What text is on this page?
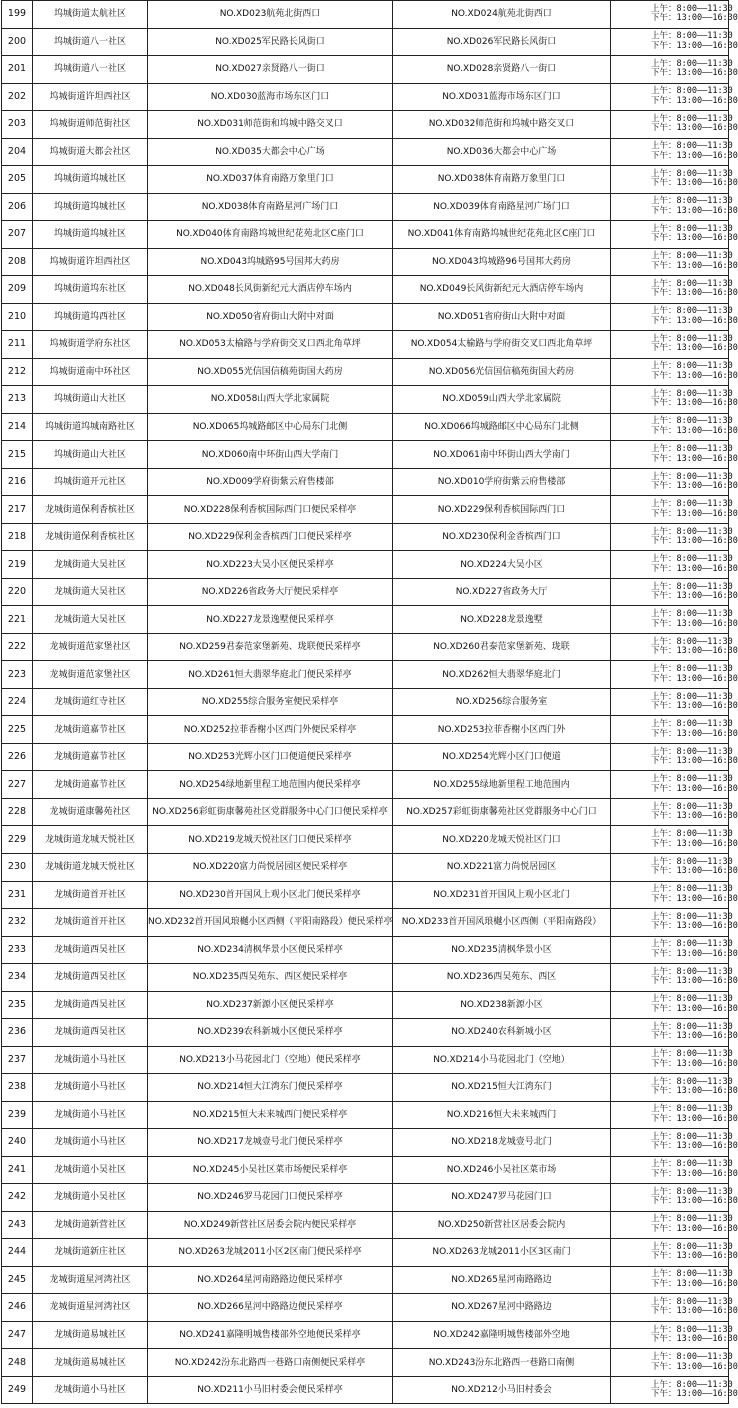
199	坞城街道太航社区	NO.XD023航苑北街西口	NO.XD024航苑北街西口	上午：8:00——11:30
下午：13:00——16:30

200	坞城街道八一社区	NO.XD025军民路长风街口	NO.XD026军民路长风街口	上午：8:00——11:30
下午：13:00——16:30

201	坞城街道八一社区	NO.XD027亲贤路八一街口	NO.XD028亲贤路八一街口	上午：8:00——11:30
下午：13:00——16:30

202	坞城街道许坦西社区	NO.XD030蓝海市场东区门口	NO.XD031蓝海市场东区门口	上午：8:00——11:30
下午：13:00——16:30

203	坞城街道师范街社区	NO.XD031师范街和坞城中路交叉口	NO.XD032师范街和坞城中路交叉口	上午：8:00——11:30
下午：13:00——16:30

204	坞城街道大都会社区	NO.XD035大都会中心广场	NO.XD036大都会中心广场	上午：8:00——11:30
下午：13:00——16:30

205	坞城街道坞城社区	NO.XD037体育南路万象里门口	NO.XD038体育南路万象里门口	上午：8:00——11:30
下午：13:00——16:30

206	坞城街道坞城社区	NO.XD038体育南路星河广场门口	NO.XD039体育南路星河广场门口	上午：8:00——11:30
下午：13:00——16:30

207	坞城街道坞城社区	NO.XD040体育南路坞城世纪花苑北区C座门口	NO.XD041体育南路坞城世纪花苑北区C座门口	上午：8:00——11:30
下午：13:00——16:30

208	坞城街道许坦西社区	NO.XD043坞城路95号国邦大药房	NO.XD043坞城路96号国邦大药房	上午：8:00——11:30
下午：13:00——16:30

209	坞城街道坞东社区	NO.XD048长风街新纪元大酒店停车场内	NO.XD049长风街新纪元大酒店停车场内	上午：8:00——11:30
下午：13:00——16:30

210	坞城街道坞西社区	NO.XD050省府街山大附中对面	NO.XD051省府街山大附中对面	上午：8:00——11:30
下午：13:00——16:30

211	坞城街道学府东社区	NO.XD053太榆路与学府街交叉口西北角草坪	NO.XD054太榆路与学府街交叉口西北角草坪	上午：8:00——11:30
下午：13:00——16:30

212	坞城街道南中环社区	NO.XD055光信国信稿苑街国大药房	NO.XD056光信国信稿苑街国大药房	上午：8:00——11:30
下午：13:00——16:30

213	坞城街道山大社区	NO.XD058山西大学北家属院	NO.XD059山西大学北家属院	上午：8:00——11:30
下午：13:00——16:30

214	坞城街道坞城南路社区	NO.XD065坞城路邮区中心局东门北侧	NO.XD066坞城路邮区中心局东门北侧	上午：8:00——11:30
下午：13:00——16:30

215	坞城街道山大社区	NO.XD060南中环街山西大学南门	NO.XD061南中环街山西大学南门	上午：8:00——11:30
下午：13:00——16:30

216	坞城街道开元社区	NO.XD009学府街紫云府售楼部	NO.XD010学府街紫云府售楼部	上午：8:00——11:30
下午：13:00——16:30

217	龙城街道保利香槟社区	NO.XD228保利香槟国际西门口便民采样亭	NO.XD229保利香槟国际西门口	上午：8:00——11:30
下午：13:00——16:30

218	龙城街道保利香槟社区	NO.XD229保利金香槟西门口便民采样亭	NO.XD230保利金香槟西门口	上午：8:00——11:30
下午：13:00——16:30

219	龙城街道大吴社区	NO.XD223大吴小区便民采样亭	NO.XD224大吴小区	上午：8:00——11:30
下午：13:00——16:30

220	龙城街道大吴社区	NO.XD226省政务大厅便民采样亭	NO.XD227省政务大厅	上午：8:00——11:30
下午：13:00——16:30

221	龙城街道大吴社区	NO.XD227龙景逸墅便民采样亭	NO.XD228龙景逸墅	上午：8:00——11:30
下午：13:00——16:30

222	龙城街道范家堡社区	NO.XD259君泰范家堡新苑、珑联便民采样亭	NO.XD260君泰范家堡新苑、珑联	上午：8:00——11:30
下午：13:00——16:30

223	龙城街道范家堡社区	NO.XD261恒大翡翠华庭北门便民采样亭	NO.XD262恒大翡翠华庭北门	上午：8:00——11:30
下午：13:00——16:30

224	龙城街道红寺社区	NO.XD255综合服务室便民采样亭	NO.XD256综合服务室	上午：8:00——11:30
下午：13:00——16:30

225	龙城街道嘉节社区	NO.XD252拉菲香榭小区西门外便民采样亭	NO.XD253拉菲香榭小区西门外	上午：8:00——11:30
下午：13:00——16:30

226	龙城街道嘉节社区	NO.XD253光辉小区门口便道便民采样亭	NO.XD254光辉小区门口便道	上午：8:00——11:30
下午：13:00——16:30

227	龙城街道嘉节社区	NO.XD254绿地新里程工地范围内便民采样亭	NO.XD255绿地新里程工地范围内	上午：8:00——11:30
下午：13:00——16:30

228	龙城街道康馨苑社区	NO.XD256彩虹街康馨苑社区党群服务中心门口便民采样亭	NO.XD257彩虹街康馨苑社区党群服务中心门口	上午：8:00——11:30
下午：13:00——16:30

229	龙城街道龙城天悦社区	NO.XD219龙城天悦社区门口便民采样亭	NO.XD220龙城天悦社区门口	上午：8:00——11:30
下午：13:00——16:30

230	龙城街道龙城天悦社区	NO.XD220富力尚悦居园区便民采样亭	NO.XD221富力尚悦居园区	上午：8:00——11:30
下午：13:00——16:30

231	龙城街道首开社区	NO.XD230首开国风上观小区北门便民采样亭	NO.XD231首开国风上观小区北门	上午：8:00——11:30
下午：13:00——16:30

232	龙城街道首开社区	NO.XD232首开国风琅樾小区西侧（平阳南路段）便民采样亭	NO.XD233首开国风琅樾小区西侧（平阳南路段）	上午：8:00——11:30
下午：13:00——16:30

233	龙城街道西吴社区	NO.XD234清枫华景小区便民采样亭	NO.XD235清枫华景小区	上午：8:00——11:30
下午：13:00——16:30

234	龙城街道西吴社区	NO.XD235西吴苑东、西区便民采样亭	NO.XD236西吴苑东、西区	上午：8:00——11:30
下午：13:00——16:30

235	龙城街道西吴社区	NO.XD237新源小区便民采样亭	NO.XD238新源小区	上午：8:00——11:30
下午：13:00——16:30

236	龙城街道西吴社区	NO.XD239农科新城小区便民采样亭	NO.XD240农科新城小区	上午：8:00——11:30
下午：13:00——16:30

237	龙城街道小马社区	NO.XD213小马花园北门（空地）便民采样亭	NO.XD214小马花园北门（空地）	上午：8:00——11:30
下午：13:00——16:30

238	龙城街道小马社区	NO.XD214恒大江湾东门便民采样亭	NO.XD215恒大江湾东门	上午：8:00——11:30
下午：13:00——16:30

239	龙城街道小马社区	NO.XD215恒大未来城西门便民采样亭	NO.XD216恒大未来城西门	上午：8:00——11:30
下午：13:00——16:30

240	龙城街道小马社区	NO.XD217龙城壹号北门便民采样亭	NO.XD218龙城壹号北门	上午：8:00——11:30
下午：13:00——16:30

241	龙城街道小吴社区	NO.XD245小吴社区菜市场便民采样亭	NO.XD246小吴社区菜市场	上午：8:00——11:30
下午：13:00——16:30

242	龙城街道小吴社区	NO.XD246罗马花园门口便民采样亭	NO.XD247罗马花园门口	上午：8:00——11:30
下午：13:00——16:30

243	龙城街道新营社区	NO.XD249新营社区居委会院内便民采样亭	NO.XD250新营社区居委会院内	上午：8:00——11:30
下午：13:00——16:30

244	龙城街道新庄社区	NO.XD263龙城2011小区2区南门便民采样亭	NO.XD263龙城2011小区3区南门	上午：8:00——11:30
下午：13:00——16:30

245	龙城街道星河湾社区	NO.XD264星河南路路边便民采样亭	NO.XD265星河南路路边	上午：8:00——11:30
下午：13:00——16:30

246	龙城街道星河湾社区	NO.XD266星河中路路边便民采样亭	NO.XD267星河中路路边	上午：8:00——11:30
下午：13:00——16:30

247	龙城街道易城社区	NO.XD241嘉隆明城售楼部外空地便民采样亭	NO.XD242嘉隆明城售楼部外空地	上午：8:00——11:30
下午：13:00——16:30

248	龙城街道易城社区	NO.XD242汾东北路西一巷路口南侧便民采样亭	NO.XD243汾东北路西一巷路口南侧	上午：8:00——11:30
下午：13:00——16:30

249	龙城街道小马社区	NO.XD211小马旧村委会便民采样亭	NO.XD212小马旧村委会	上午：8:00——11:30
下午：13:00——16:30
